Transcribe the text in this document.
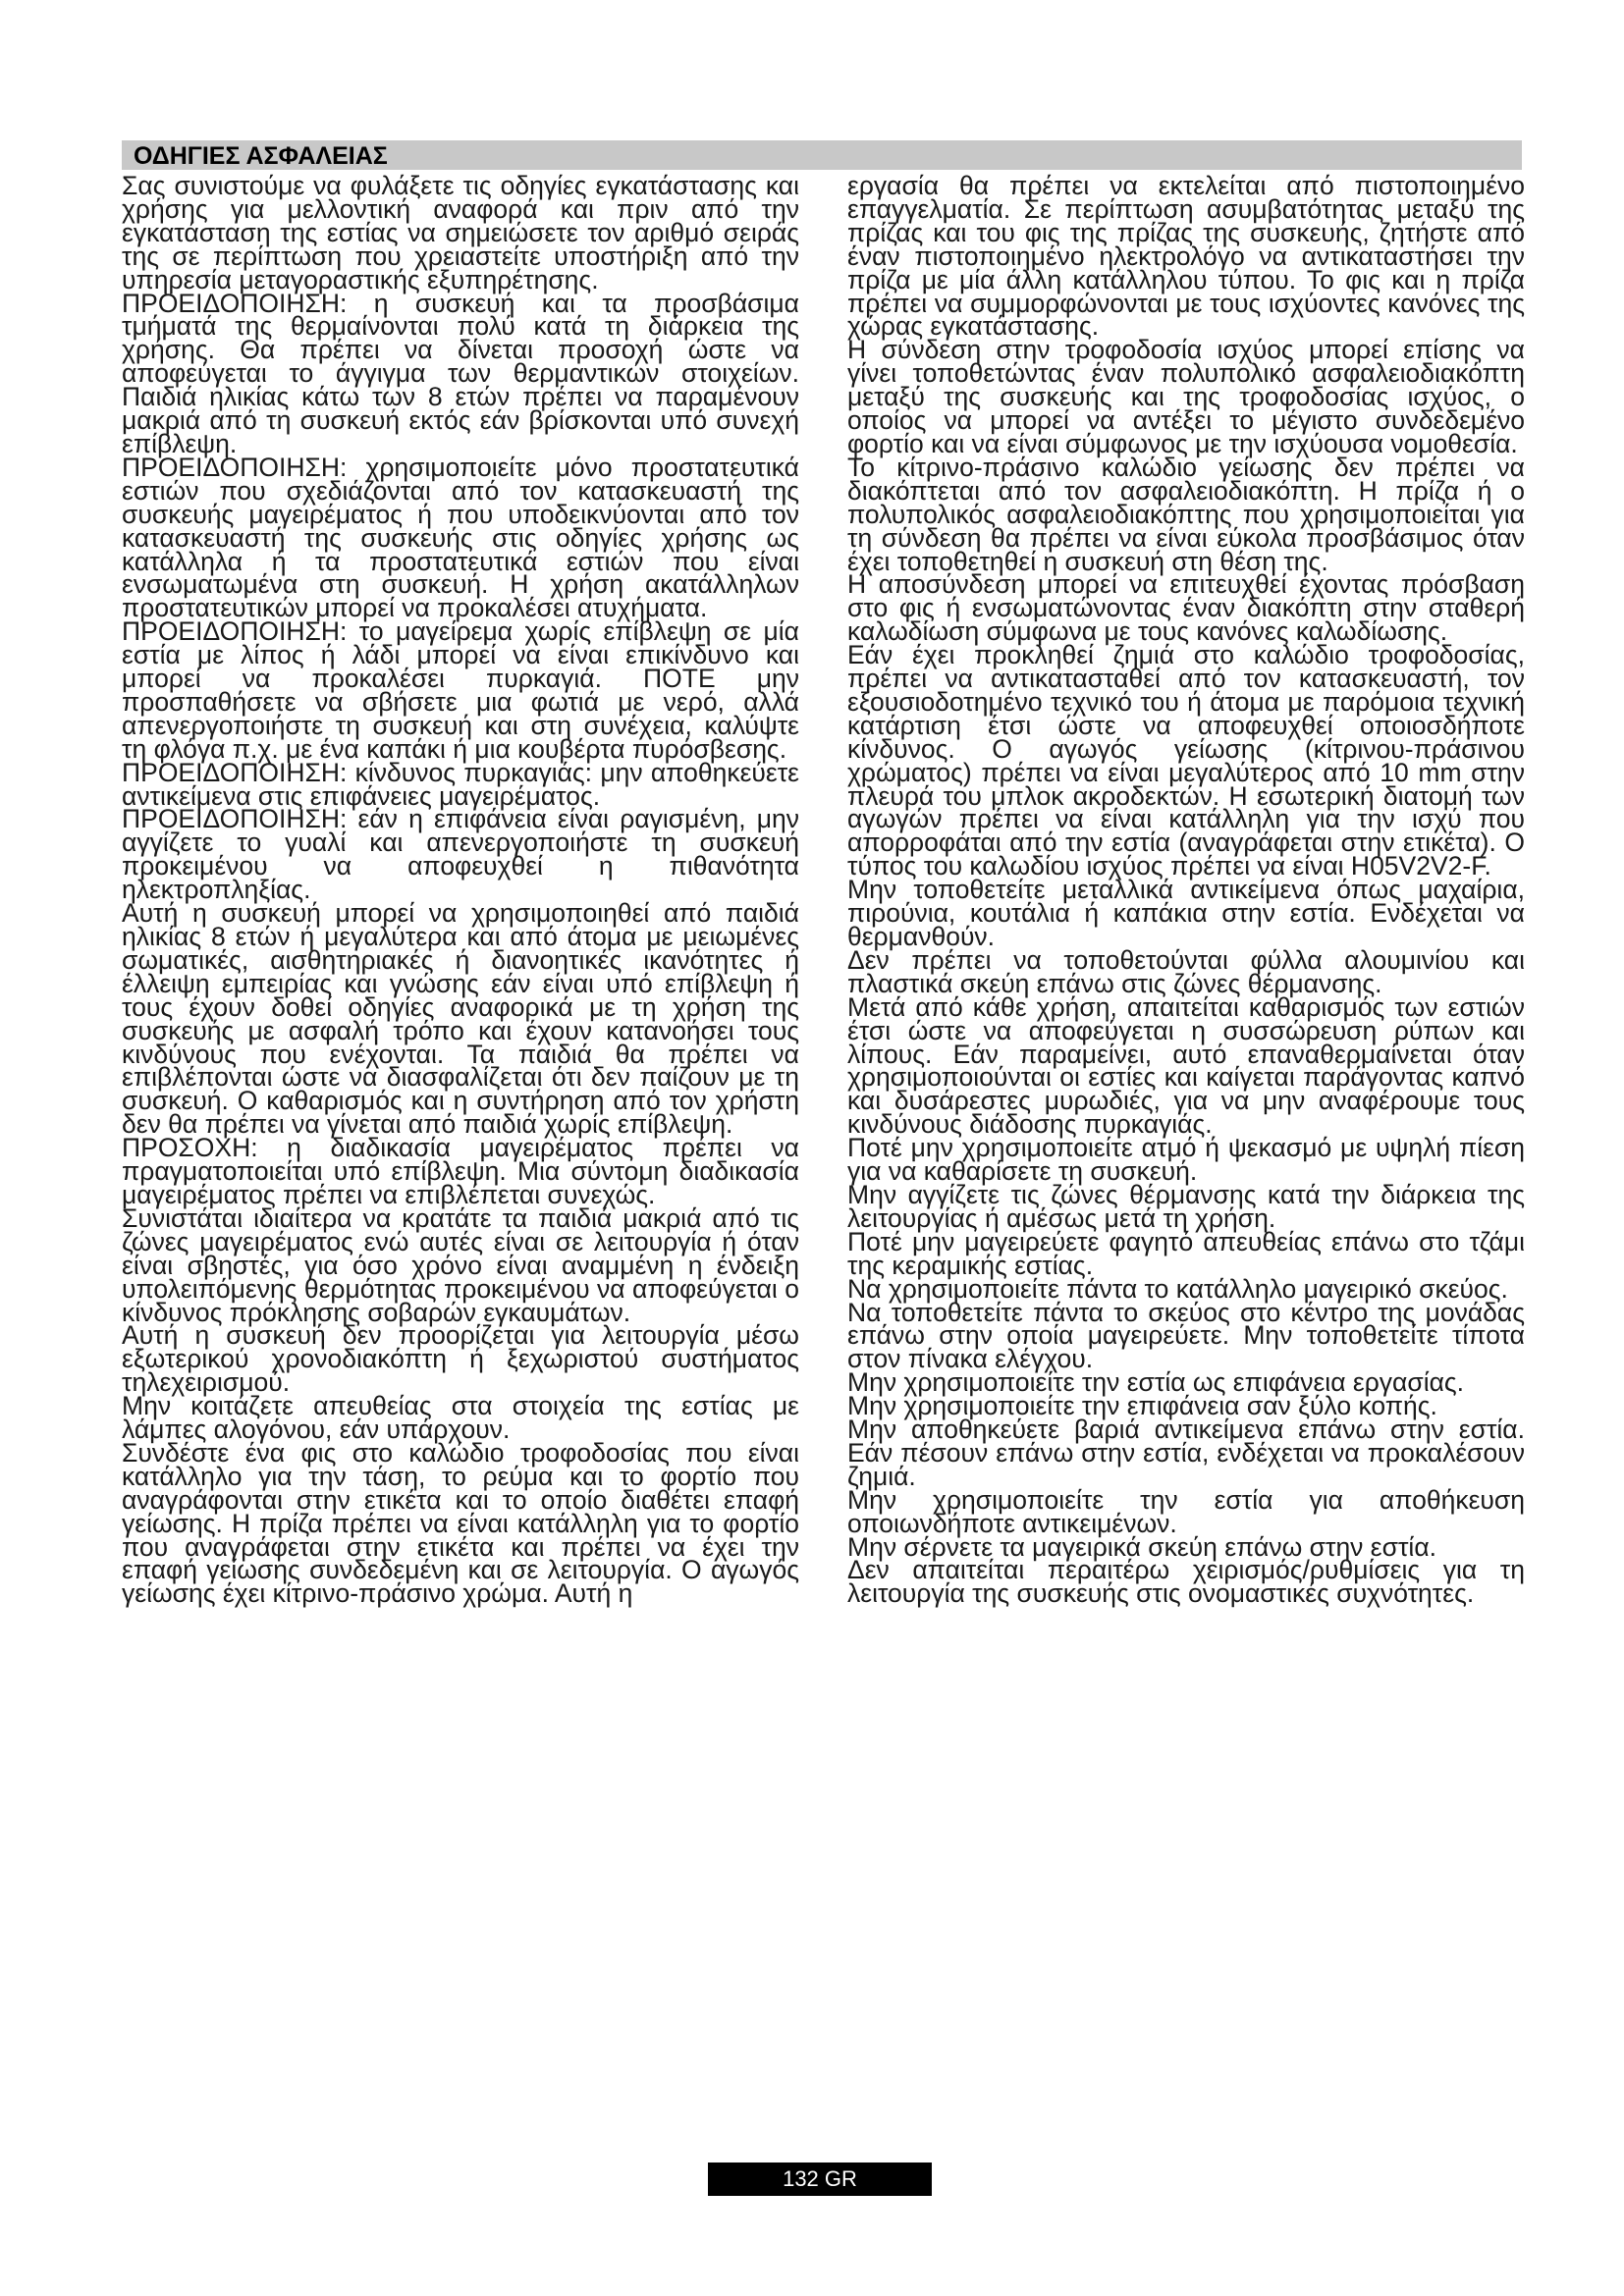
ΟΔΗΓΙΕΣ ΑΣΦΑΛΕΙΑΣ

Σας συνιστούμε να φυλάξετε τις οδηγίες εγκατάστασης και χρήσης για μελλοντική αναφορά και πριν από την εγκατάσταση της εστίας να σημειώσετε τον αριθμό σειράς της σε περίπτωση που χρειαστείτε υποστήριξη από την υπηρεσία μεταγοραστικής εξυπηρέτησης.

ΠΡΟΕΙΔΟΠΟΙΗΣΗ: η συσκευή και τα προσβάσιμα τμήματά της θερμαίνονται πολύ κατά τη διάρκεια της χρήσης. Θα πρέπει να δίνεται προσοχή ώστε να αποφεύγεται το άγγιγμα των θερμαντικών στοιχείων. Παιδιά ηλικίας κάτω των 8 ετών πρέπει να παραμένουν μακριά από τη συσκευή εκτός εάν βρίσκονται υπό συνεχή επίβλεψη.

ΠΡΟΕΙΔΟΠΟΙΗΣΗ: χρησιμοποιείτε μόνο προστατευτικά εστιών που σχεδιάζονται από τον κατασκευαστή της συσκευής μαγειρέματος ή που υποδεικνύονται από τον κατασκευαστή της συσκευής στις οδηγίες χρήσης ως κατάλληλα ή τα προστατευτικά εστιών που είναι ενσωματωμένα στη συσκευή. Η χρήση ακατάλληλων προστατευτικών μπορεί να προκαλέσει ατυχήματα.

ΠΡΟΕΙΔΟΠΟΙΗΣΗ: το μαγείρεμα χωρίς επίβλεψη σε μία εστία με λίπος ή λάδι μπορεί να είναι επικίνδυνο και μπορεί να προκαλέσει πυρκαγιά. ΠΟΤΕ μην προσπαθήσετε να σβήσετε μια φωτιά με νερό, αλλά απενεργοποιήστε τη συσκευή και στη συνέχεια, καλύψτε τη φλόγα π.χ. με ένα καπάκι ή μια κουβέρτα πυρόσβεσης.

ΠΡΟΕΙΔΟΠΟΙΗΣΗ: κίνδυνος πυρκαγιάς: μην αποθηκεύετε αντικείμενα στις επιφάνειες μαγειρέματος.

ΠΡΟΕΙΔΟΠΟΙΗΣΗ: εάν η επιφάνεια είναι ραγισμένη, μην αγγίζετε το γυαλί και απενεργοποιήστε τη συσκευή προκειμένου να αποφευχθεί η πιθανότητα ηλεκτροπληξίας.

Αυτή η συσκευή μπορεί να χρησιμοποιηθεί από παιδιά ηλικίας 8 ετών ή μεγαλύτερα και από άτομα με μειωμένες σωματικές, αισθητηριακές ή διανοητικές ικανότητες ή έλλειψη εμπειρίας και γνώσης εάν είναι υπό επίβλεψη ή τους έχουν δοθεί οδηγίες αναφορικά με τη χρήση της συσκευής με ασφαλή τρόπο και έχουν κατανοήσει τους κινδύνους που ενέχονται. Τα παιδιά θα πρέπει να επιβλέπονται ώστε να διασφαλίζεται ότι δεν παίζουν με τη συσκευή. Ο καθαρισμός και η συντήρηση από τον χρήστη δεν θα πρέπει να γίνεται από παιδιά χωρίς επίβλεψη.

ΠΡΟΣΟΧΗ: η διαδικασία μαγειρέματος πρέπει να πραγματοποιείται υπό επίβλεψη. Μια σύντομη διαδικασία μαγειρέματος πρέπει να επιβλέπεται συνεχώς.

Συνιστάται ιδιαίτερα να κρατάτε τα παιδιά μακριά από τις ζώνες μαγειρέματος ενώ αυτές είναι σε λειτουργία ή όταν είναι σβηστές, για όσο χρόνο είναι αναμμένη η ένδειξη υπολειπόμενης θερμότητας προκειμένου να αποφεύγεται ο κίνδυνος πρόκλησης σοβαρών εγκαυμάτων.

Αυτή η συσκευή δεν προορίζεται για λειτουργία μέσω εξωτερικού χρονοδιακόπτη ή ξεχωριστού συστήματος τηλεχειρισμού.

Μην κοιτάζετε απευθείας στα στοιχεία της εστίας με λάμπες αλογόνου, εάν υπάρχουν.

Συνδέστε ένα φις στο καλώδιο τροφοδοσίας που είναι κατάλληλο για την τάση, το ρεύμα και το φορτίο που αναγράφονται στην ετικέτα και το οποίο διαθέτει επαφή γείωσης. Η πρίζα πρέπει να είναι κατάλληλη για το φορτίο που αναγράφεται στην ετικέτα και πρέπει να έχει την επαφή γείωσης συνδεδεμένη και σε λειτουργία. Ο αγωγός γείωσης έχει κίτρινο-πράσινο χρώμα. Αυτή η

εργασία θα πρέπει να εκτελείται από πιστοποιημένο επαγγελματία. Σε περίπτωση ασυμβατότητας μεταξύ της πρίζας και του φις της πρίζας της συσκευής, ζητήστε από έναν πιστοποιημένο ηλεκτρολόγο να αντικαταστήσει την πρίζα με μία άλλη κατάλληλου τύπου. Το φις και η πρίζα πρέπει να συμμορφώνονται με τους ισχύοντες κανόνες της χώρας εγκατάστασης.

Η σύνδεση στην τροφοδοσία ισχύος μπορεί επίσης να γίνει τοποθετώντας έναν πολυπολικό ασφαλειοδιακόπτη μεταξύ της συσκευής και της τροφοδοσίας ισχύος, ο οποίος να μπορεί να αντέξει το μέγιστο συνδεδεμένο φορτίο και να είναι σύμφωνος με την ισχύουσα νομοθεσία.

Το κίτρινο-πράσινο καλώδιο γείωσης δεν πρέπει να διακόπτεται από τον ασφαλειοδιακόπτη. Η πρίζα ή ο πολυπολικός ασφαλειοδιακόπτης που χρησιμοποιείται για τη σύνδεση θα πρέπει να είναι εύκολα προσβάσιμος όταν έχει τοποθετηθεί η συσκευή στη θέση της.

Η αποσύνδεση μπορεί να επιτευχθεί έχοντας πρόσβαση στο φις ή ενσωματώνοντας έναν διακόπτη στην σταθερή καλωδίωση σύμφωνα με τους κανόνες καλωδίωσης.

Εάν έχει προκληθεί ζημιά στο καλώδιο τροφοδοσίας, πρέπει να αντικατασταθεί από τον κατασκευαστή, τον εξουσιοδοτημένο τεχνικό του ή άτομα με παρόμοια τεχνική κατάρτιση έτσι ώστε να αποφευχθεί οποιοσδήποτε κίνδυνος. Ο αγωγός γείωσης (κίτρινου-πράσινου χρώματος) πρέπει να είναι μεγαλύτερος από 10 mm στην πλευρά του μπλοκ ακροδεκτών. Η εσωτερική διατομή των αγωγών πρέπει να είναι κατάλληλη για την ισχύ που απορροφάται από την εστία (αναγράφεται στην ετικέτα). Ο τύπος του καλωδίου ισχύος πρέπει να είναι H05V2V2-F.

Μην τοποθετείτε μεταλλικά αντικείμενα όπως μαχαίρια, πιρούνια, κουτάλια ή καπάκια στην εστία. Ενδέχεται να θερμανθούν.

Δεν πρέπει να τοποθετούνται φύλλα αλουμινίου και πλαστικά σκεύη επάνω στις ζώνες θέρμανσης.

Μετά από κάθε χρήση, απαιτείται καθαρισμός των εστιών έτσι ώστε να αποφεύγεται η συσσώρευση ρύπων και λίπους. Εάν παραμείνει, αυτό επαναθερμαίνεται όταν χρησιμοποιούνται οι εστίες και καίγεται παράγοντας καπνό και δυσάρεστες μυρωδιές, για να μην αναφέρουμε τους κινδύνους διάδοσης πυρκαγιάς.

Ποτέ μην χρησιμοποιείτε ατμό ή ψεκασμό με υψηλή πίεση για να καθαρίσετε τη συσκευή.

Μην αγγίζετε τις ζώνες θέρμανσης κατά την διάρκεια της λειτουργίας ή αμέσως μετά τη χρήση.

Ποτέ μην μαγειρεύετε φαγητό απευθείας επάνω στο τζάμι της κεραμικής εστίας.

Να χρησιμοποιείτε πάντα το κατάλληλο μαγειρικό σκεύος.

Να τοποθετείτε πάντα το σκεύος στο κέντρο της μονάδας επάνω στην οποία μαγειρεύετε. Μην τοποθετείτε τίποτα στον πίνακα ελέγχου.

Μην χρησιμοποιείτε την εστία ως επιφάνεια εργασίας.

Μην χρησιμοποιείτε την επιφάνεια σαν ξύλο κοπής.

Μην αποθηκεύετε βαριά αντικείμενα επάνω στην εστία. Εάν πέσουν επάνω στην εστία, ενδέχεται να προκαλέσουν ζημιά.

Μην χρησιμοποιείτε την εστία για αποθήκευση οποιωνδήποτε αντικειμένων.

Μην σέρνετε τα μαγειρικά σκεύη επάνω στην εστία.

Δεν απαιτείται περαιτέρω χειρισμός/ρυθμίσεις για τη λειτουργία της συσκευής στις ονομαστικές συχνότητες.

132 GR
